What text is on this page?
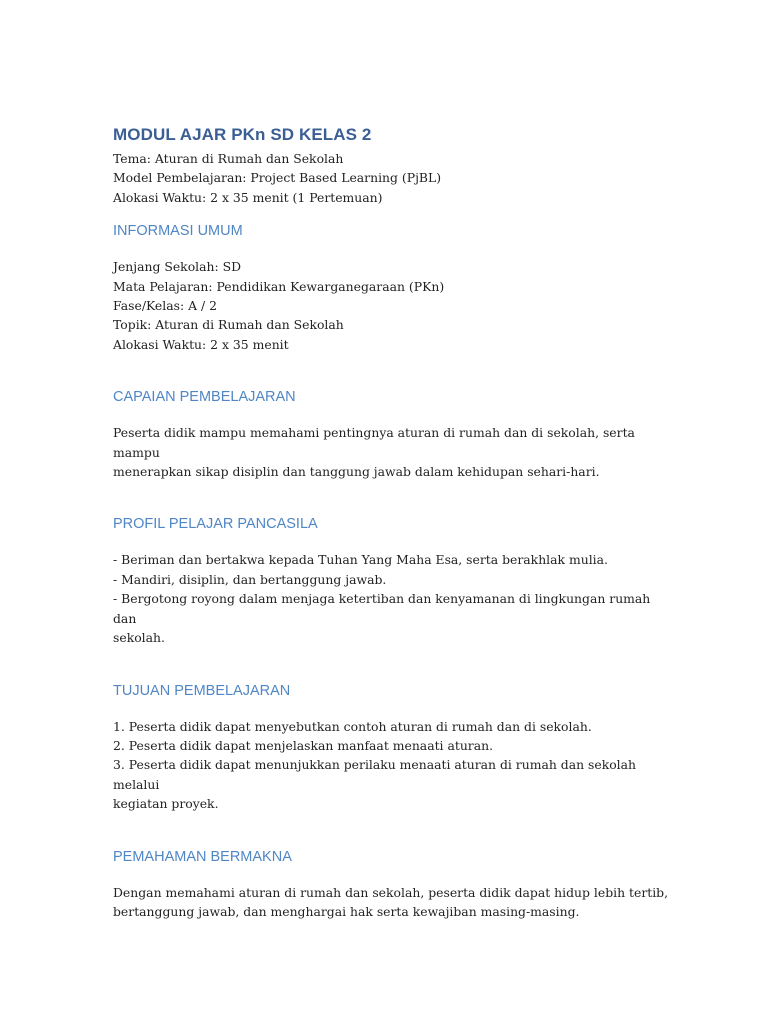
MODUL AJAR PKn SD KELAS 2

Tema: Aturan di Rumah dan Sekolah

Model Pembelajaran: Project Based Learning (PjBL)

Alokasi Waktu: 2 x 35 menit (1 Pertemuan)

INFORMASI UMUM

Jenjang Sekolah: SD

Mata Pelajaran: Pendidikan Kewarganegaraan (PKn)

Fase/Kelas: A / 2

Topik: Aturan di Rumah dan Sekolah

Alokasi Waktu: 2 x 35 menit

CAPAIAN PEMBELAJARAN

Peserta didik mampu memahami pentingnya aturan di rumah dan di sekolah, serta mampu

menerapkan sikap disiplin dan tanggung jawab dalam kehidupan sehari-hari.

PROFIL PELAJAR PANCASILA

- Beriman dan bertakwa kepada Tuhan Yang Maha Esa, serta berakhlak mulia.

- Mandiri, disiplin, dan bertanggung jawab.

- Bergotong royong dalam menjaga ketertiban dan kenyamanan di lingkungan rumah dan

sekolah.

TUJUAN PEMBELAJARAN

1. Peserta didik dapat menyebutkan contoh aturan di rumah dan di sekolah.

2. Peserta didik dapat menjelaskan manfaat menaati aturan.

3. Peserta didik dapat menunjukkan perilaku menaati aturan di rumah dan sekolah melalui

kegiatan proyek.

PEMAHAMAN BERMAKNA

Dengan memahami aturan di rumah dan sekolah, peserta didik dapat hidup lebih tertib,

bertanggung jawab, dan menghargai hak serta kewajiban masing-masing.
